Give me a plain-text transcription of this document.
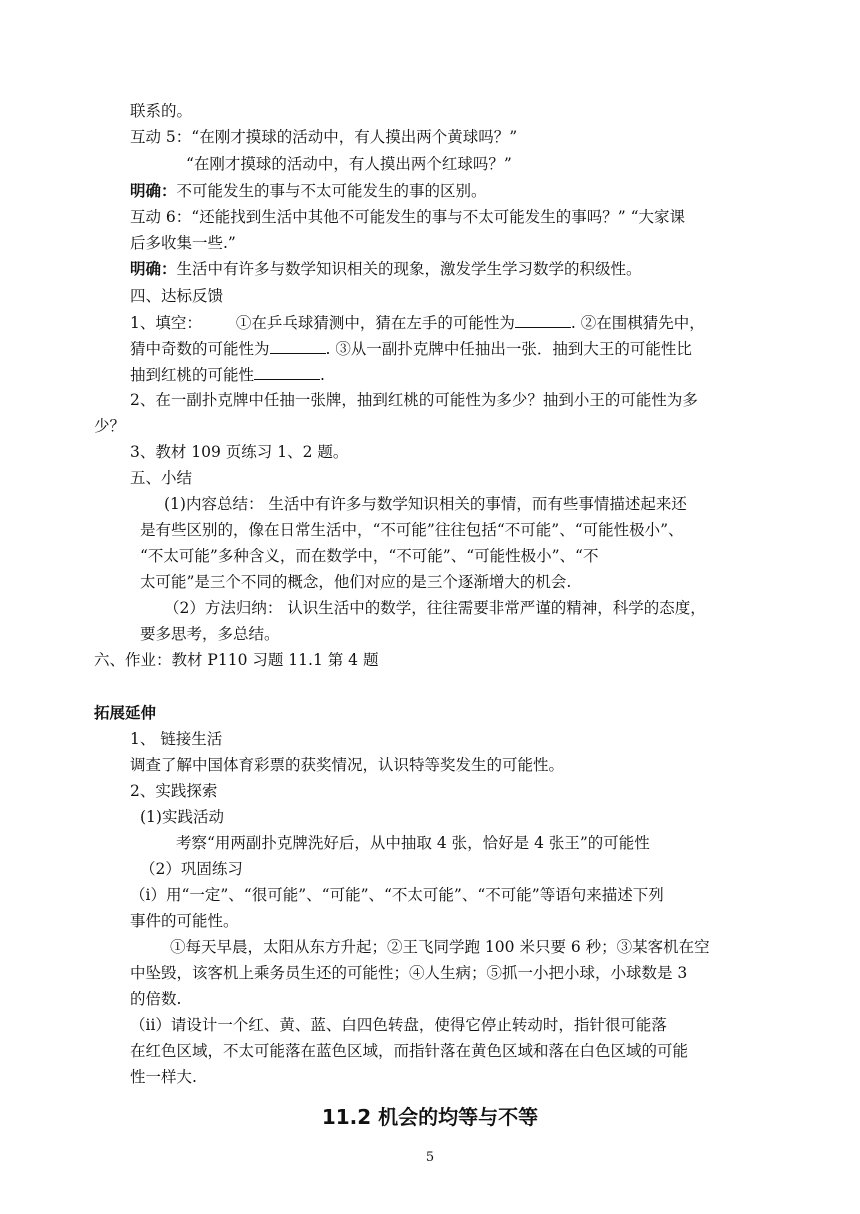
联系的。
互动 5：“在刚才摸球的活动中，有人摸出两个黄球吗？”
“在刚才摸球的活动中，有人摸出两个红球吗？”
明确：不可能发生的事与不太可能发生的事的区别。
互动 6：“还能找到生活中其他不可能发生的事与不太可能发生的事吗？” “大家课
后多收集一些.”
明确：生活中有许多与数学知识相关的现象，激发学生学习数学的积级性。
四、达标反馈
1、填空： ①在乒乓球猜测中，猜在左手的可能性为	. ②在围棋猜先中，
猜中奇数的可能性为	. ③从一副扑克牌中任抽出一张．抽到大王的可能性比
抽到红桃的可能性	.
2、在一副扑克牌中任抽一张牌，抽到红桃的可能性为多少？抽到小王的可能性为多
少？
3、教材 109 页练习 1、2 题。
五、小结
(1)内容总结： 生活中有许多与数学知识相关的事情，而有些事情描述起来还
是有些区别的，像在日常生活中，“不可能”往往包括“不可能”、“可能性极小”、
“不太可能”多种含义，而在数学中，“不可能”、“可能性极小”、“不
太可能”是三个不同的概念，他们对应的是三个逐渐增大的机会.
（2）方法归纳： 认识生活中的数学，往往需要非常严谨的精神，科学的态度，
要多思考，多总结。
六、作业：教材 P110 习题 11.1 第 4 题
拓展延伸
1、 链接生活
调查了解中国体育彩票的获奖情况，认识特等奖发生的可能性。
2、实践探索
(1)实践活动
考察“用两副扑克牌洗好后，从中抽取 4 张，恰好是 4 张王”的可能性
（2）巩固练习
（i）用“一定”、“很可能”、“可能”、“不太可能”、“不可能”等语句来描述下列
事件的可能性。
①每天早晨，太阳从东方升起；②王飞同学跑 100 米只要 6 秒；③某客机在空
中坠毁，该客机上乘务员生还的可能性；④人生病；⑤抓一小把小球，小球数是 3
的倍数.
（ii）请设计一个红、黄、蓝、白四色转盘，使得它停止转动时，指针很可能落
在红色区域，不太可能落在蓝色区域，而指针落在黄色区域和落在白色区域的可能
性一样大.
11.2 机会的均等与不等
5
